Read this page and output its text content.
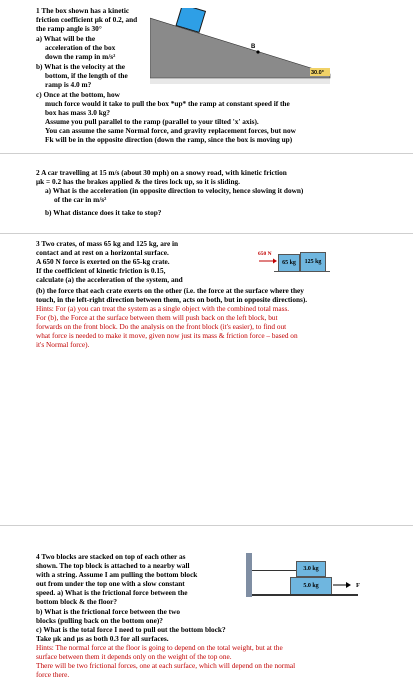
1 The box shown has a kinetic
friction coefficient μk of 0.2, and
the ramp angle is 30°
a) What will be the
acceleration of the box
down the ramp in m/s²
b) What is the velocity at the
bottom, if the length of the
ramp is 4.0 m?
c) Once at the bottom, how
much force would it take to pull the box *up* the ramp at constant speed if the
box has mass 3.0 kg?
Assume you pull parallel to the ramp (parallel to your tilted 'x' axis).
You can assume the same Normal force, and gravity replacement forces, but now
Fk will be in the opposite direction (down the ramp, since the box is moving up)
B
30.0°
2 A car travelling at 15 m/s (about 30 mph) on a snowy road, with kinetic friction
μk = 0.2 has the brakes applied & the tires lock up, so it is sliding.
a) What is the acceleration (in opposite direction to velocity, hence slowing it down)
of the car in m/s²
b) What distance does it take to stop?
3 Two crates, of mass 65 kg and 125 kg, are in
contact and at rest on a horizontal surface.
A 650 N force is exerted on the 65-kg crate.
If the coefficient of kinetic friction is 0.15,
calculate (a) the acceleration of the system, and
650 N
65 kg	125 kg
(b) the force that each crate exerts on the other (i.e. the force at the surface where they
touch, in the left-right direction between them, acts on both, but in opposite directions).
Hints: For (a) you can treat the system as a single object with the combined total mass.
For (b), the Force at the surface between them will push back on the left block, but
forwards on the front block. Do the analysis on the front block (it's easier), to find out
what force is needed to make it move, given now just its mass & friction force – based on
it's Normal force).
4 Two blocks are stacked on top of each other as
shown. The top block is attached to a nearby wall
with a string. Assume I am pulling the bottom block
out from under the top one with a slow constant
speed. a) What is the frictional force between the
bottom block & the floor?
b) What is the frictional force between the two
blocks (pulling back on the bottom one)?
c) What is the total force I need to pull out the bottom block?
Take μk and μs as both 0.3 for all surfaces.
Hints: The normal force at the floor is going to depend on the total weight, but at the
surface between them it depends only on the weight of the top one.
There will be two frictional forces, one at each surface, which will depend on the normal
force there.
3.0 kg
5.0 kg	F
